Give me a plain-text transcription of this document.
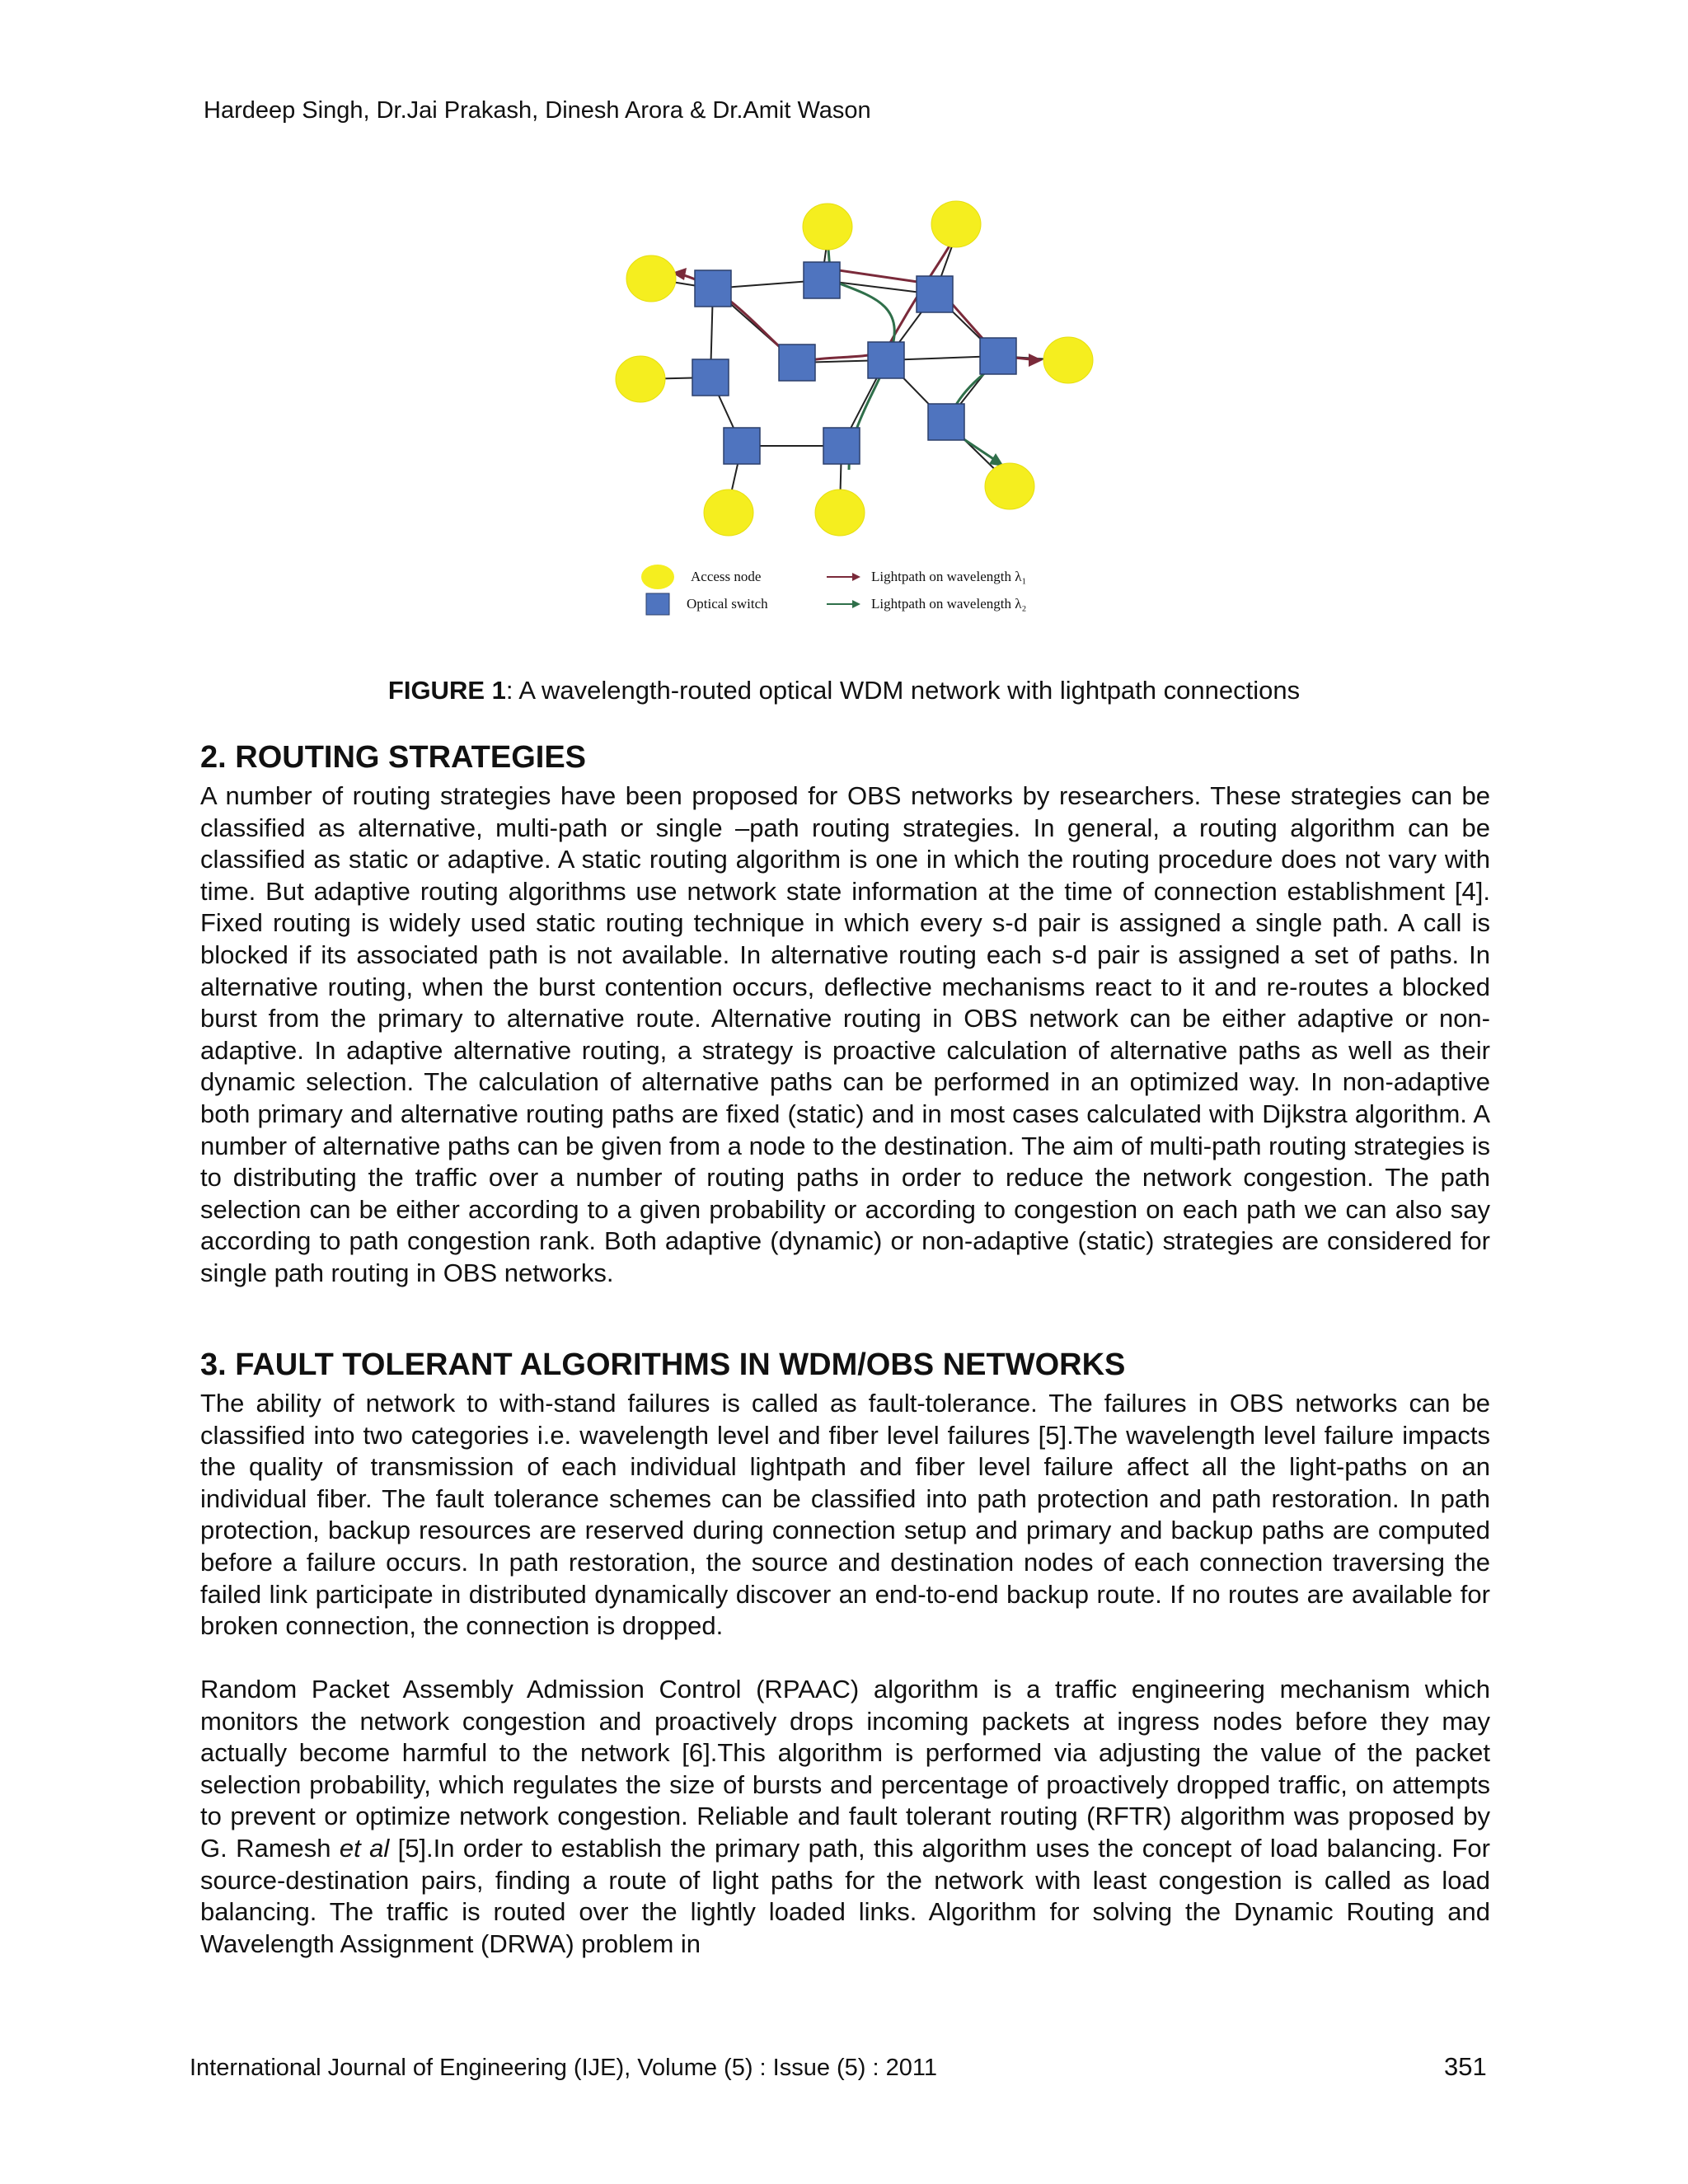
Hardeep Singh, Dr.Jai Prakash, Dinesh Arora & Dr.Amit Wason
Access node
Optical switch
Lightpath on wavelength λ₁
Lightpath on wavelength λ₂
FIGURE 1: A wavelength-routed optical WDM network with lightpath connections
2. ROUTING STRATEGIES

A number of routing strategies have been proposed for OBS networks by researchers. These strategies can be classified as alternative, multi-path or single –path routing strategies. In general, a routing algorithm can be classified as static or adaptive. A static routing algorithm is one in which the routing procedure does not vary with time. But adaptive routing algorithms use network state information at the time of connection establishment [4]. Fixed routing is widely used static routing technique in which every s-d pair is assigned a single path. A call is blocked if its associated path is not available. In alternative routing each s-d pair is assigned a set of paths. In alternative routing, when the burst contention occurs, deflective mechanisms react to it and re-routes a blocked burst from the primary to alternative route. Alternative routing in OBS network can be either adaptive or non-adaptive. In adaptive alternative routing, a strategy is proactive calculation of alternative paths as well as their dynamic selection. The calculation of alternative paths can be performed in an optimized way. In non-adaptive both primary and alternative routing paths are fixed (static) and in most cases calculated with Dijkstra algorithm. A number of alternative paths can be given from a node to the destination. The aim of multi-path routing strategies is to distributing the traffic over a number of routing paths in order to reduce the network congestion. The path selection can be either according to a given probability or according to congestion on each path we can also say according to path congestion rank. Both adaptive (dynamic) or non-adaptive (static) strategies are considered for single path routing in OBS networks.

3. FAULT TOLERANT ALGORITHMS IN WDM/OBS NETWORKS

The ability of network to with-stand failures is called as fault-tolerance. The failures in OBS networks can be classified into two categories i.e. wavelength level and fiber level failures [5].The wavelength level failure impacts the quality of transmission of each individual lightpath and fiber level failure affect all the light-paths on an individual fiber. The fault tolerance schemes can be classified into path protection and path restoration. In path protection, backup resources are reserved during connection setup and primary and backup paths are computed before a failure occurs. In path restoration, the source and destination nodes of each connection traversing the failed link participate in distributed dynamically discover an end-to-end backup route. If no routes are available for broken connection, the connection is dropped.

Random Packet Assembly Admission Control (RPAAC) algorithm is a traffic engineering mechanism which monitors the network congestion and proactively drops incoming packets at ingress nodes before they may actually become harmful to the network [6].This algorithm is performed via adjusting the value of the packet selection probability, which regulates the size of bursts and percentage of proactively dropped traffic, on attempts to prevent or optimize network congestion. Reliable and fault tolerant routing (RFTR) algorithm was proposed by G. Ramesh et al [5].In order to establish the primary path, this algorithm uses the concept of load balancing. For source-destination pairs, finding a route of light paths for the network with least congestion is called as load balancing. The traffic is routed over the lightly loaded links. Algorithm for solving the Dynamic Routing and Wavelength Assignment (DRWA) problem in

International Journal of Engineering (IJE), Volume (5) : Issue (5) : 2011	351
